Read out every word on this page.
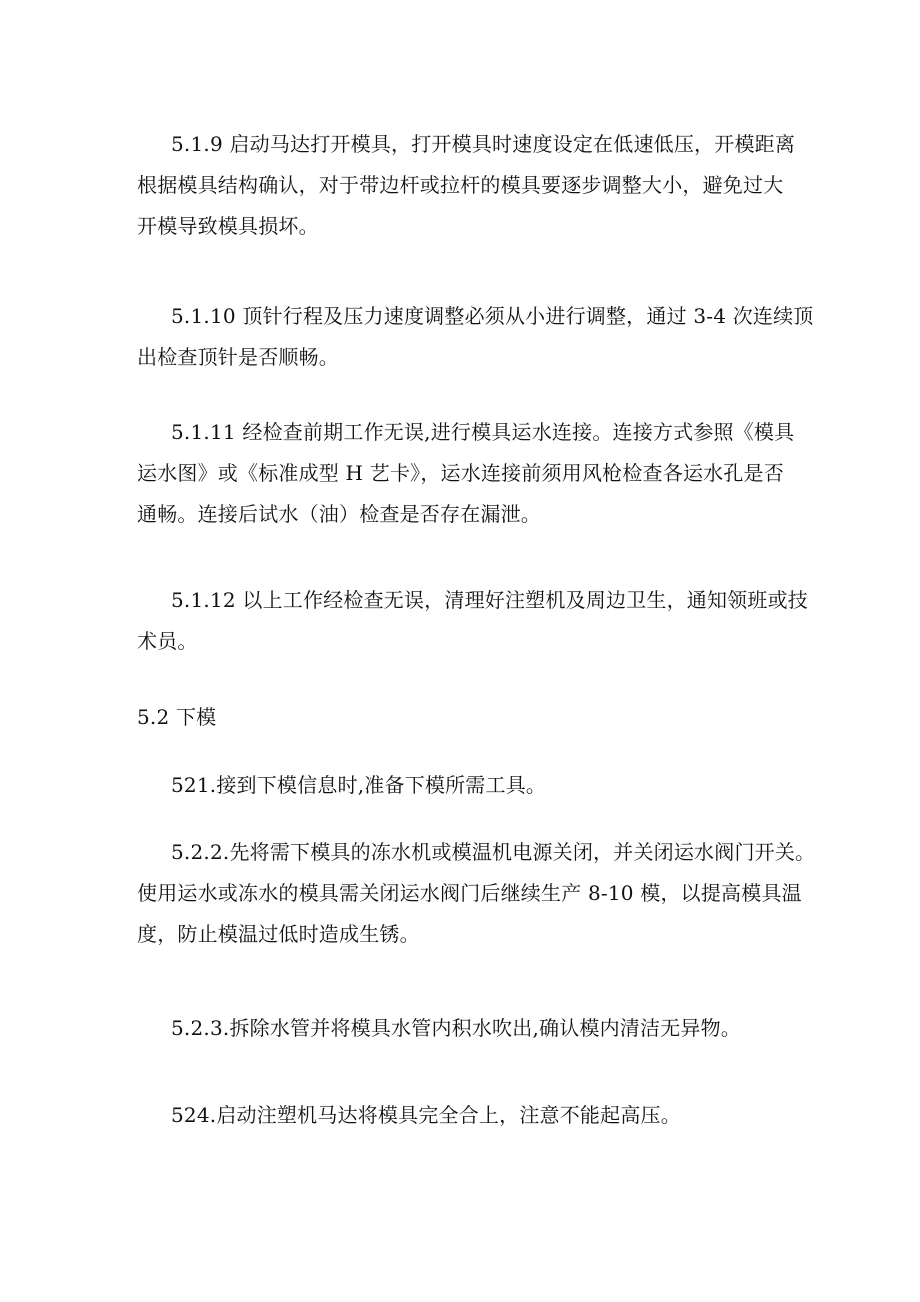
5.1.9 启动马达打开模具，打开模具时速度设定在低速低压，开模距离
根据模具结构确认，对于带边杆或拉杆的模具要逐步调整大小，避免过大
开模导致模具损坏。

5.1.10 顶针行程及压力速度调整必须从小进行调整，通过 3-4 次连续顶
出检查顶针是否顺畅。

5.1.11 经检查前期工作无误,进行模具运水连接。连接方式参照《模具
运水图》或《标准成型 H 艺卡》，运水连接前须用风枪检查各运水孔是否
通畅。连接后试水（油）检查是否存在漏泄。

5.1.12 以上工作经检查无误，清理好注塑机及周边卫生，通知领班或技
术员。

5.2 下模

521.接到下模信息时,准备下模所需工具。

5.2.2.先将需下模具的冻水机或模温机电源关闭，并关闭运水阀门开关。
使用运水或冻水的模具需关闭运水阀门后继续生产 8-10 模，以提高模具温
度，防止模温过低时造成生锈。

5.2.3.拆除水管并将模具水管内积水吹出,确认模内清洁无异物。

524.启动注塑机马达将模具完全合上，注意不能起高压。
